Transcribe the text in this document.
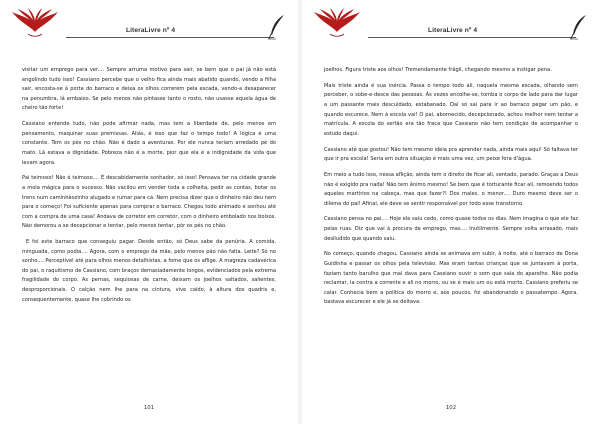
LiteraLivre nº 4

visitar um emprego para ver.... Sempre arruma motivo para sair, se bem que o pai já não está engolindo tudo isso! Cassiano percebe que o velho fica ainda mais abatido quando, vendo a filha sair, encosta-se à porta do barraco e deixa os olhos correrem pela escada, vendo-a desaparecer na penumbra, lá embaixo. Se pelo menos não pintasse tanto o rosto, não usasse aquela água de cheiro tão forte!

Cassiano entende tudo, não pode afirmar nada, mas tem a liberdade de, pelo menos em pensamento, maquinar suas premissas. Aliás, é isso que faz o tempo todo! A lógica é uma constante. Tem os pés no chão. Não é dado a aventuras. Por ele nunca teriam arredado pé do mato. Lá estava a dignidade. Pobreza não é a morte, pior que ela é a indignidade da vida que levam agora.

Pai teimoso! Não é teimoso.... É descabidamente sonhador, só isso! Pensava ter na cidade grande a mola mágica para o sucesso. Não vacilou em vender toda a colheita, pedir as contas, botar os trens num caminhãozinho alugado e rumar para cá. Nem precisa dizer que o dinheiro não deu nem para o começo! Foi suficiente apenas para comprar o barraco. Chegou todo animado e sonhou até com a compra de uma casa! Andava de corretor em corretor, com o dinheiro embolado nos bolsos. Não demorou a se decepcionar e tentar, pelo menos tentar, pôr os pés no chão.

E foi este barraco que conseguiu pagar. Desde então, só Deus sabe da penúria. A comida, minguada, como podia.... Agora, com o emprego da mãe, pelo menos pão não falta. Leite? Só no sonho.... Perceptível até para olhos menos detalhistas, a fome que os aflige. A magreza cadavérica do pai, o raquitismo de Cassiano, com braços demasiadamente longos, evidenciados pela extrema fragilidade do corpo. As pernas, sequiosas de carne, deixam os joelhos saltados, salientes, desproporcionais. O calção nem lhe para na cintura, vive caído, à altura dos quadris e, consequentemente, quase lhe cobrindo os

101
LiteraLivre nº 4

joelhos. Figura triste aos olhos! Tremendamente frágil, chegando mesmo a instigar pena.

Mais triste ainda é sua inércia. Passa o tempo todo ali, naquela mesma escada, olhando sem perceber, o sobe-e-desce das pessoas. Às vezes encolhe-se, tomba o corpo de lado para dar lugar a um passante mais descuidado, estabanado. Daí só sai para ir ao barraco pegar um pão, e quando escurece. Nem à escola vai! O pai, abornecido, decepcionado, achou melhor nem tentar a matrícula. A escola do sertão era tão fraca que Cassiano não tem condição de acompanhar o estudo daqui.

Cassiano até que gostou! Não tem mesmo ideia pra aprender nada, ainda mais aqui! Só faltava ter que ir pra escola! Seria em outra situação é mais uma vez, um peixe fora d'água.

Em meio a tudo isso, nessa aflição, ainda tem o direito de ficar ali, sentado, parado. Graças a Deus não é exigido pra nada! Não tem ânimo mesmo! Se bem que é torturante ficar ali, remoendo todos aqueles martírios na cabeça, mas que fazer?! Dos males, o menor.... Duro mesmo deve ser o dilema do pai! Afinal, ele deve se sentir responsável por todo esse transtorno.

Cassiano pensa no pai.... Hoje ele saiu cedo, como quase todos os dias. Nem imagina o que ele faz pelas ruas. Diz que vai à procura de emprego, mas.... Inutilmente. Sempre volta arrasado, mais desiludido que quando saiu.

No começo, quando chegou, Cassiano ainda se animava em subir, à noite, até o barraco de Dona Guidinha e passar os olhos pela televisão. Mas eram tantas crianças que se juntavam à porta, faziam tanto barulho que mal dava para Cassiano ouvir o som que saía do aparelho. Não podia reclamar, la contra a corrente e ali no morro, ou se é mais um ou está morto. Cassiano preferiu se calar. Conhecia bem a política do morro e, aos poucos, foi abandonando o passatempo. Agora, bastava escurecer e ele já se deitava.

102
